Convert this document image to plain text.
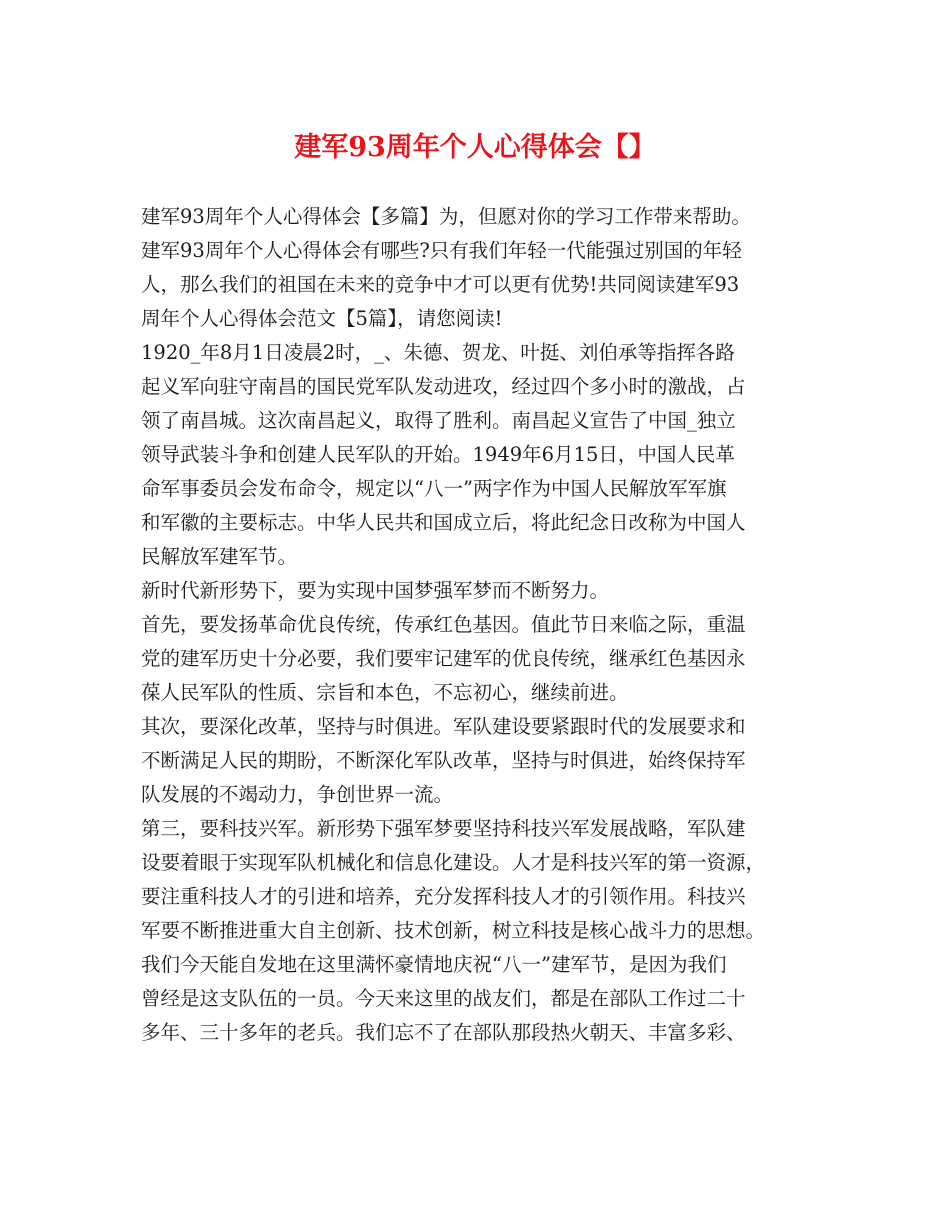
建军93周年个人心得体会【】
建军93周年个人心得体会【多篇】为，但愿对你的学习工作带来帮助。
建军93周年个人心得体会有哪些?只有我们年轻一代能强过别国的年轻
人，那么我们的祖国在未来的竞争中才可以更有优势!共同阅读建军93
周年个人心得体会范文【5篇】，请您阅读!
1920_年8月1日凌晨2时，_、朱德、贺龙、叶挺、刘伯承等指挥各路
起义军向驻守南昌的国民党军队发动进攻，经过四个多小时的激战，占
领了南昌城。这次南昌起义，取得了胜利。南昌起义宣告了中国_独立
领导武装斗争和创建人民军队的开始。1949年6月15日，中国人民革
命军事委员会发布命令，规定以“八一”两字作为中国人民解放军军旗
和军徽的主要标志。中华人民共和国成立后，将此纪念日改称为中国人
民解放军建军节。
新时代新形势下，要为实现中国梦强军梦而不断努力。
首先，要发扬革命优良传统，传承红色基因。值此节日来临之际，重温
党的建军历史十分必要，我们要牢记建军的优良传统，继承红色基因永
葆人民军队的性质、宗旨和本色，不忘初心，继续前进。
其次，要深化改革，坚持与时俱进。军队建设要紧跟时代的发展要求和
不断满足人民的期盼，不断深化军队改革，坚持与时俱进，始终保持军
队发展的不竭动力，争创世界一流。
第三，要科技兴军。新形势下强军梦要坚持科技兴军发展战略，军队建
设要着眼于实现军队机械化和信息化建设。人才是科技兴军的第一资源，
要注重科技人才的引进和培养，充分发挥科技人才的引领作用。科技兴
军要不断推进重大自主创新、技术创新，树立科技是核心战斗力的思想。
我们今天能自发地在这里满怀豪情地庆祝“八一”建军节，是因为我们
曾经是这支队伍的一员。今天来这里的战友们，都是在部队工作过二十
多年、三十多年的老兵。我们忘不了在部队那段热火朝天、丰富多彩、
